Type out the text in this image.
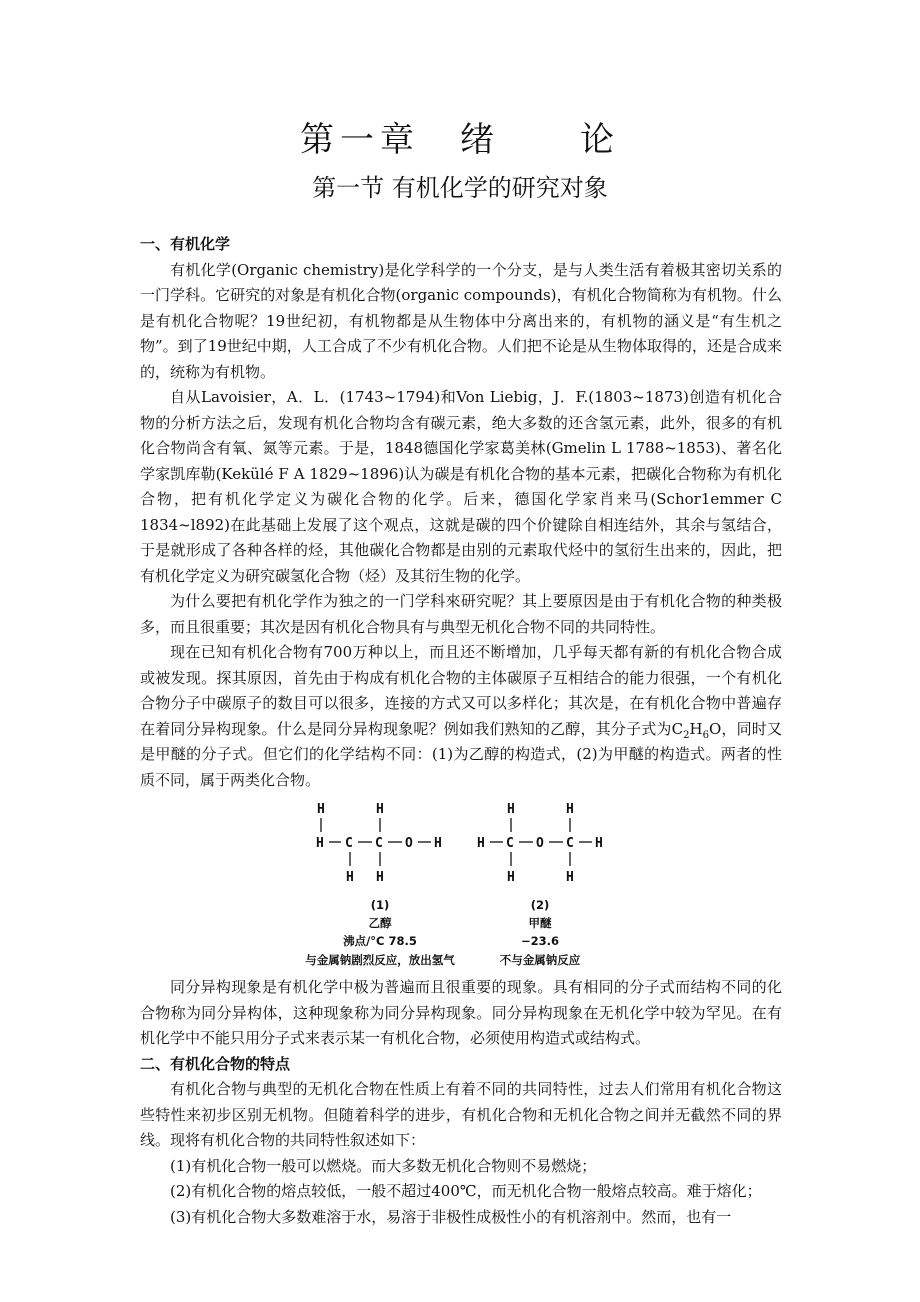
第一章　绪　　论
第一节 有机化学的研究对象
一、有机化学

有机化学(Organic chemistry)是化学科学的一个分支，是与人类生活有着极其密切关系的一门学科。它研究的对象是有机化合物(organic compounds)，有机化合物简称为有机物。什么是有机化合物呢？19世纪初，有机物都是从生物体中分离出来的，有机物的涵义是“有生机之物”。到了19世纪中期，人工合成了不少有机化合物。人们把不论是从生物体取得的，还是合成来的，统称为有机物。

自从Lavoisier，A．L．(1743~1794)和Von Liebig，J．F.(1803~1873)创造有机化合物的分析方法之后，发现有机化合物均含有碳元素，绝大多数的还含氢元素，此外，很多的有机化合物尚含有氧、氮等元素。于是，1848德国化学家葛美林(Gmelin L 1788~1853)、著名化学家凯库勒(Kekülé F A 1829~1896)认为碳是有机化合物的基本元素，把碳化合物称为有机化合物，把有机化学定义为碳化合物的化学。后来，德国化学家肖来马(Schor1emmer C 1834~l892)在此基础上发展了这个观点，这就是碳的四个价键除自相连结外，其余与氢结合，于是就形成了各种各样的烃，其他碳化合物都是由别的元素取代烃中的氢衍生出来的，因此，把有机化学定义为研究碳氢化合物（烃）及其衍生物的化学。

为什么要把有机化学作为独之的一门学科來研究呢？其上要原因是由于有机化合物的种类极多，而且很重要；其次是因有机化合物具有与典型无机化合物不同的共同特性。

现在已知有机化合物有700万种以上，而且还不断增加，几乎每天都有新的有机化合物合成或被发现。探其原因，首先由于构成有机化合物的主体碳原子互相结合的能力很强，一个有机化合物分子中碳原子的数目可以很多，连接的方式又可以多样化；其次是，在有机化合物中普遍存在着同分异构现象。什么是同分异构现象呢？例如我们熟知的乙醇，其分子式为$C_2H_6O$，同时又是甲醚的分子式。但它们的化学结构不同：(1)为乙醇的构造式，(2)为甲醚的构造式。两者的性质不同，属于两类化合物。

H	H
H C C O H
H H
H	H
H C O C H
H	H
(1)
乙醇
沸点/°C 78.5
与金属钠剧烈反应，放出氢气
(2)
甲醚
−23.6
不与金属钠反应

同分异构现象是有机化学中极为普遍而且很重要的现象。具有相同的分子式而结构不同的化合物称为同分异构体，这种现象称为同分异构现象。同分异构现象在无机化学中较为罕见。在有机化学中不能只用分子式来表示某一有机化合物，必须使用构造式或结构式。

二、有机化合物的特点

有机化合物与典型的无机化合物在性质上有着不同的共同特性，过去人们常用有机化合物这些特性来初步区别无机物。但随着科学的进步，有机化合物和无机化合物之间并无截然不同的界线。现将有机化合物的共同特性叙述如下：

(1)有机化合物一般可以燃烧。而大多数无机化合物则不易燃烧；

(2)有机化合物的熔点较低，一般不超过400℃，而无机化合物一般熔点较高。难于熔化；

(3)有机化合物大多数难溶于水，易溶于非极性成极性小的有机溶剂中。然而，也有一
